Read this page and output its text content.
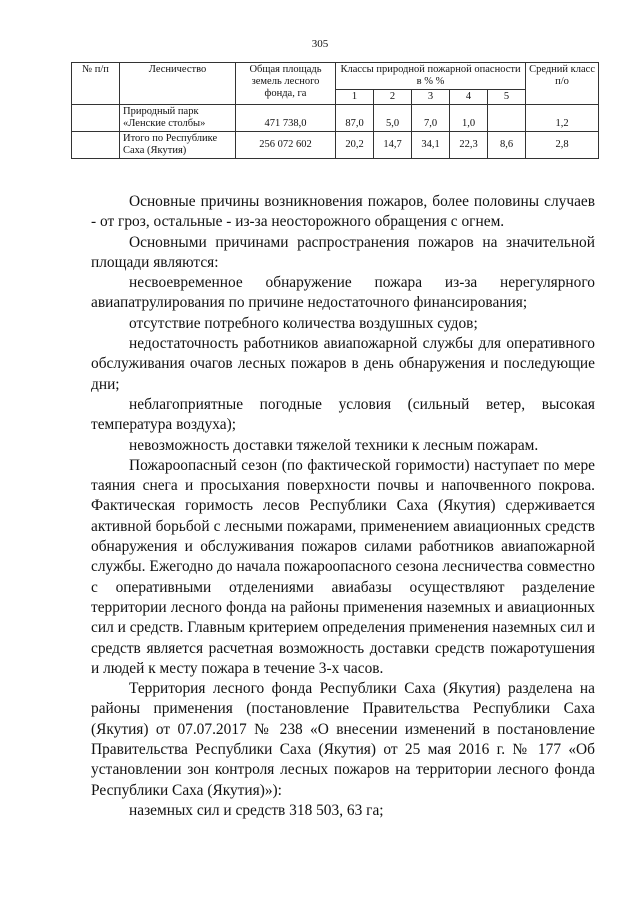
305
№ п/п	Лесничество	Общая площадь земель лесного фонда, га	Классы природной пожарной опасности в % %					Средний класс п/о
			1	2	3	4	5	
	Природный парк «Ленские столбы»	471 738,0	87,0	5,0	7,0	1,0		1,2
	Итого по Республике Саха (Якутия)	256 072 602	20,2	14,7	34,1	22,3	8,6	2,8

Основные причины возникновения пожаров, более половины случаев - от гроз, остальные - из-за неосторожного обращения с огнем.

Основными причинами распространения пожаров на значительной площади являются:

несвоевременное обнаружение пожара из-за нерегулярного авиапатрулирования по причине недостаточного финансирования;

отсутствие потребного количества воздушных судов;

недостаточность работников авиапожарной службы для оперативного обслуживания очагов лесных пожаров в день обнаружения и последующие дни;

неблагоприятные погодные условия (сильный ветер, высокая температура воздуха);

невозможность доставки тяжелой техники к лесным пожарам.

Пожароопасный сезон (по фактической горимости) наступает по мере таяния снега и просыхания поверхности почвы и напочвенного покрова. Фактическая горимость лесов Республики Саха (Якутия) сдерживается активной борьбой с лесными пожарами, применением авиационных средств обнаружения и обслуживания пожаров силами работников авиапожарной службы. Ежегодно до начала пожароопасного сезона лесничества совместно с оперативными отделениями авиабазы осуществляют разделение территории лесного фонда на районы применения наземных и авиационных сил и средств. Главным критерием определения применения наземных сил и средств является расчетная возможность доставки средств пожаротушения и людей к месту пожара в течение 3-х часов.

Территория лесного фонда Республики Саха (Якутия) разделена на районы применения (постановление Правительства Республики Саха (Якутия) от 07.07.2017 № 238 «О внесении изменений в постановление Правительства Республики Саха (Якутия) от 25 мая 2016 г. № 177 «Об установлении зон контроля лесных пожаров на территории лесного фонда Республики Саха (Якутия)»):

наземных сил и средств 318 503, 63 га;
